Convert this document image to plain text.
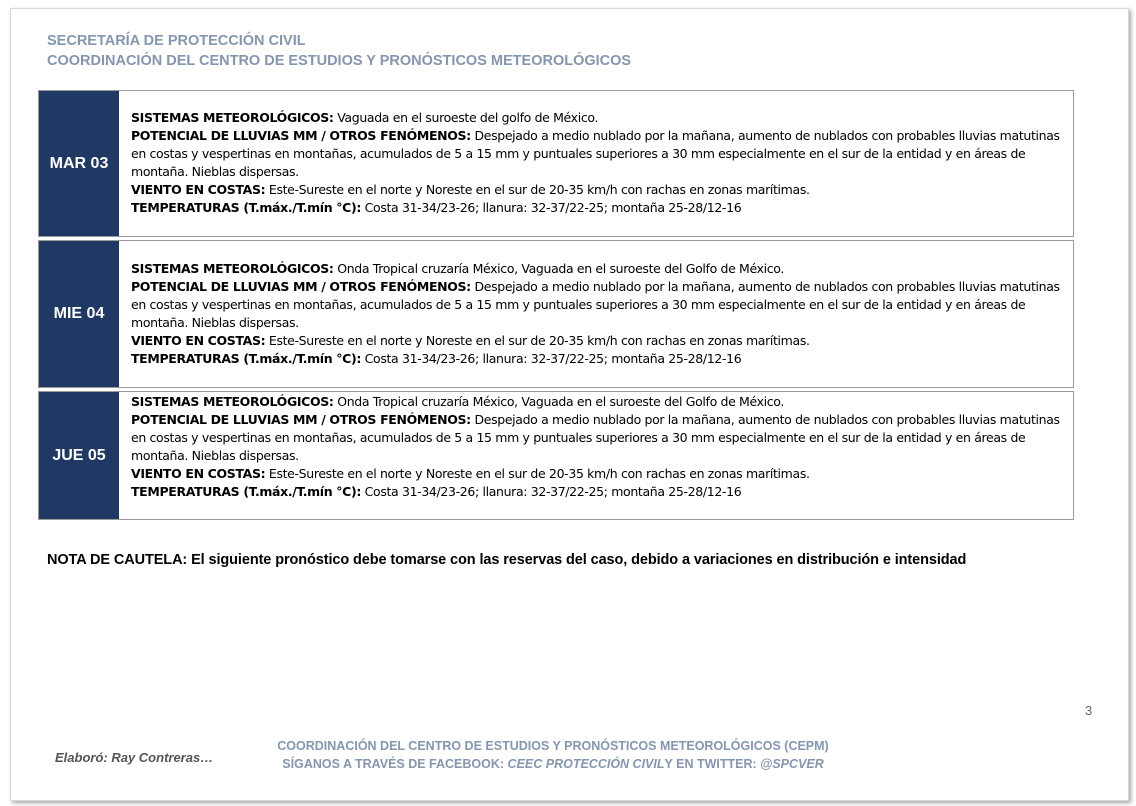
SECRETARÍA DE PROTECCIÓN CIVIL
COORDINACIÓN DEL CENTRO DE ESTUDIOS Y PRONÓSTICOS METEOROLÓGICOS
MAR 03
SISTEMAS METEOROLÓGICOS: Vaguada en el suroeste del golfo de México.
POTENCIAL DE LLUVIAS MM / OTROS FENÓMENOS: Despejado a medio nublado por la mañana, aumento de nublados con probables lluvias matutinas en costas y vespertinas en montañas, acumulados de 5 a 15 mm y puntuales superiores a 30 mm especialmente en el sur de la entidad y en áreas de montaña. Nieblas dispersas.
VIENTO EN COSTAS: Este-Sureste en el norte y Noreste en el sur de 20-35 km/h con rachas en zonas marítimas.
TEMPERATURAS (T.máx./T.mín °C): Costa 31-34/23-26; llanura: 32-37/22-25; montaña 25-28/12-16
MIE 04
SISTEMAS METEOROLÓGICOS: Onda Tropical cruzaría México, Vaguada en el suroeste del Golfo de México.
POTENCIAL DE LLUVIAS MM / OTROS FENÓMENOS: Despejado a medio nublado por la mañana, aumento de nublados con probables lluvias matutinas en costas y vespertinas en montañas, acumulados de 5 a 15 mm y puntuales superiores a 30 mm especialmente en el sur de la entidad y en áreas de montaña. Nieblas dispersas.
VIENTO EN COSTAS: Este-Sureste en el norte y Noreste en el sur de 20-35 km/h con rachas en zonas marítimas.
TEMPERATURAS (T.máx./T.mín °C): Costa 31-34/23-26; llanura: 32-37/22-25; montaña 25-28/12-16
JUE 05
SISTEMAS METEOROLÓGICOS: Onda Tropical cruzaría México, Vaguada en el suroeste del Golfo de México.
POTENCIAL DE LLUVIAS MM / OTROS FENÓMENOS: Despejado a medio nublado por la mañana, aumento de nublados con probables lluvias matutinas en costas y vespertinas en montañas, acumulados de 5 a 15 mm y puntuales superiores a 30 mm especialmente en el sur de la entidad y en áreas de montaña. Nieblas dispersas.
VIENTO EN COSTAS: Este-Sureste en el norte y Noreste en el sur de 20-35 km/h con rachas en zonas marítimas.
TEMPERATURAS (T.máx./T.mín °C): Costa 31-34/23-26; llanura: 32-37/22-25; montaña 25-28/12-16
NOTA DE CAUTELA: El siguiente pronóstico debe tomarse con las reservas del caso, debido a variaciones en distribución e intensidad
3
Elaboró: Ray Contreras…
COORDINACIÓN DEL CENTRO DE ESTUDIOS Y PRONÓSTICOS METEOROLÓGICOS (CEPM)
SÍGANOS A TRAVÉS DE FACEBOOK: CEEC PROTECCIÓN CIVILY EN TWITTER: @SPCVER
